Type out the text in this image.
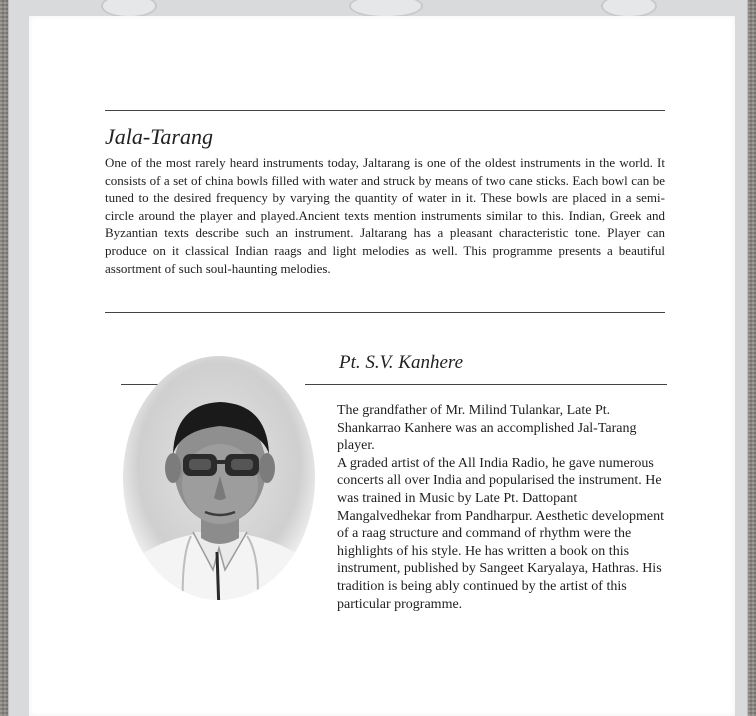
Jala-Tarang
One of the most rarely heard instruments today, Jaltarang is one of the oldest instruments in the world. It consists of a set of china bowls filled with water and struck by means of two cane sticks. Each bowl can be tuned to the desired frequency by varying the quantity of water in it. These bowls are placed in a semi-circle around the player and played.Ancient texts mention instruments similar to this. Indian, Greek and Byzantian texts describe such an instrument. Jaltarang has a pleasant characteristic tone. Player can produce on it classical Indian raags and light melodies as well. This programme presents a beautiful assortment of such soul-haunting melodies.
Pt. S.V. Kanhere
The grandfather of Mr. Milind Tulankar, Late Pt. Shankarrao Kanhere was an accomplished Jal-Tarang player.
A graded artist of the All India Radio, he gave numerous concerts all over India and popularised the instrument. He was trained in Music by Late Pt. Dattopant Mangalvedhekar from Pandharpur. Aesthetic development of a raag structure and command of rhythm were the highlights of his style. He has written a book on this instrument, published by Sangeet Karyalaya, Hathras. His tradition is being ably continued by the artist of this particular programme.
